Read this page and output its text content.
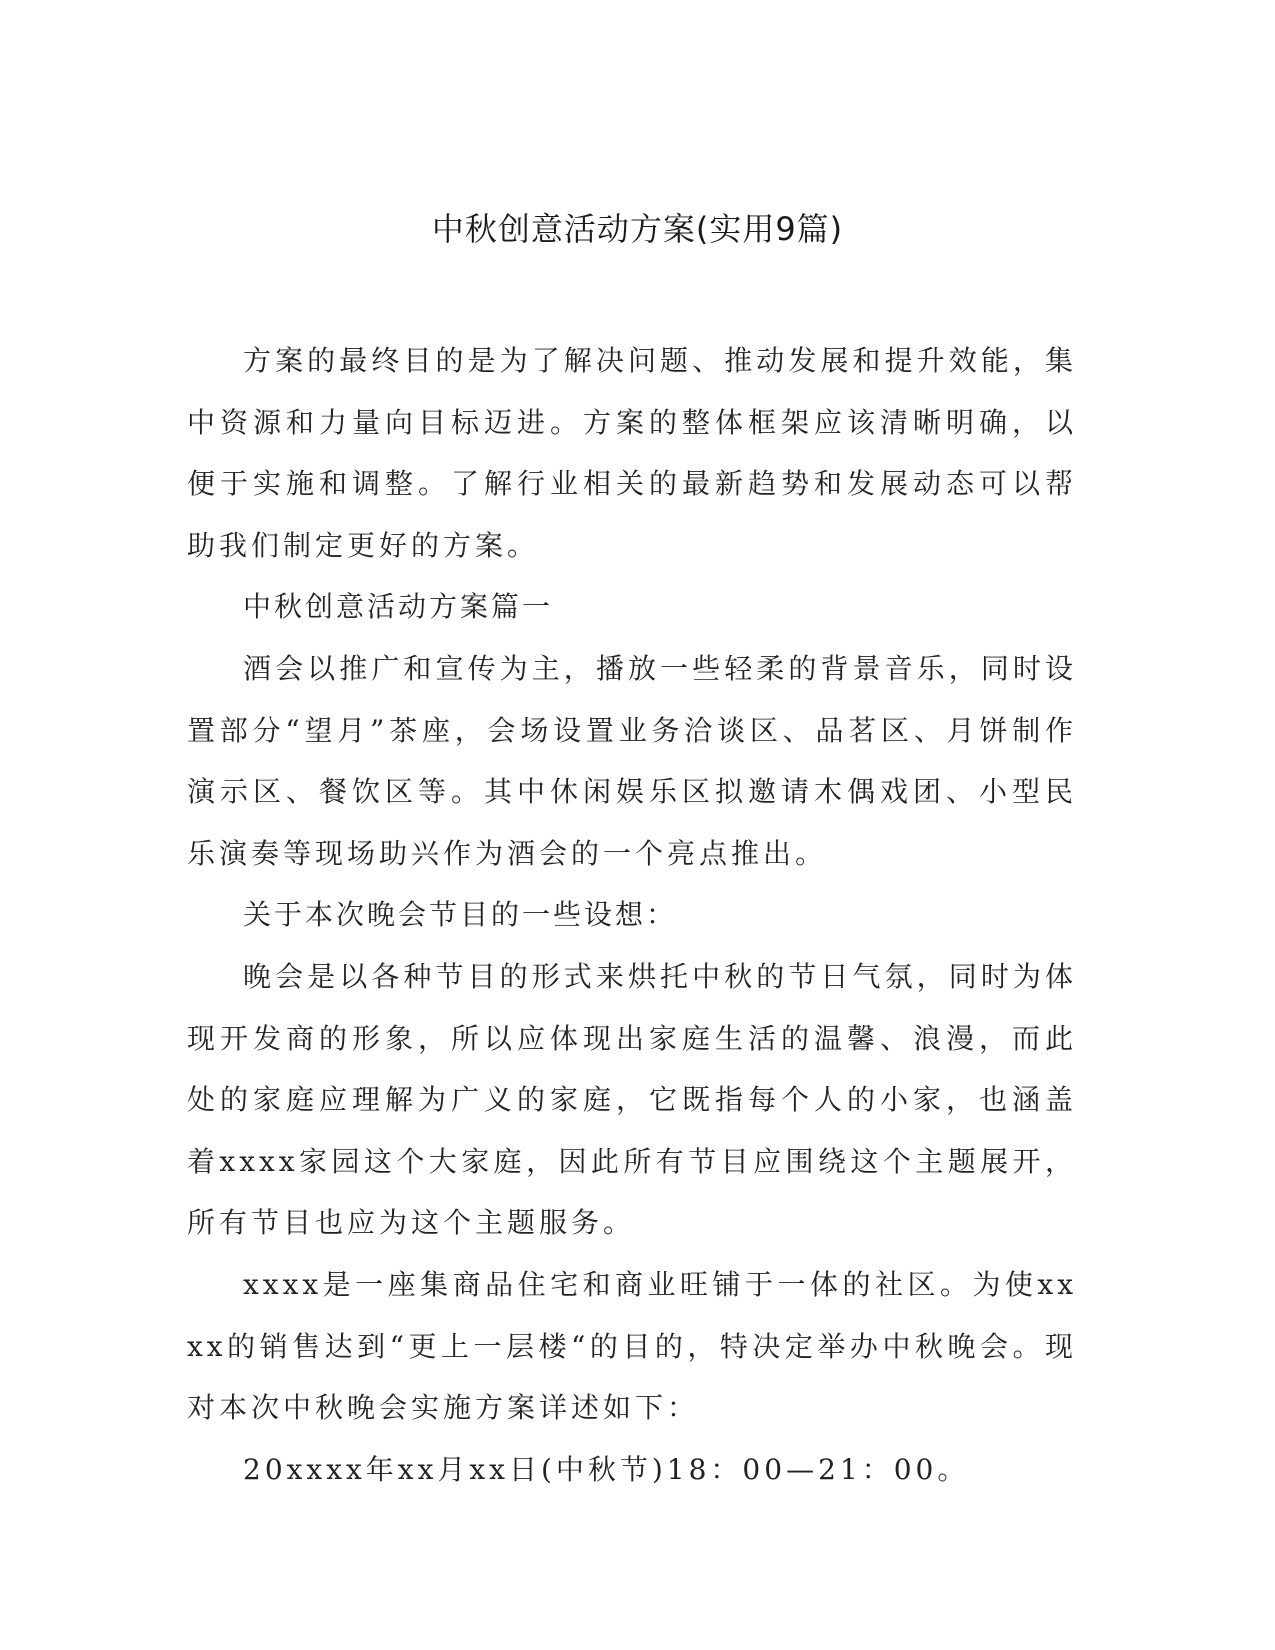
中秋创意活动方案(实用9篇)

方案的最终目的是为了解决问题、推动发展和提升效能，集中资源和力量向目标迈进。方案的整体框架应该清晰明确，以便于实施和调整。了解行业相关的最新趋势和发展动态可以帮助我们制定更好的方案。

中秋创意活动方案篇一

酒会以推广和宣传为主，播放一些轻柔的背景音乐，同时设置部分“望月”茶座，会场设置业务洽谈区、品茗区、月饼制作演示区、餐饮区等。其中休闲娱乐区拟邀请木偶戏团、小型民乐演奏等现场助兴作为酒会的一个亮点推出。

关于本次晚会节目的一些设想：

晚会是以各种节目的形式来烘托中秋的节日气氛，同时为体现开发商的形象，所以应体现出家庭生活的温馨、浪漫，而此处的家庭应理解为广义的家庭，它既指每个人的小家，也涵盖着xxxx家园这个大家庭，因此所有节目应围绕这个主题展开，所有节目也应为这个主题服务。

xxxx是一座集商品住宅和商业旺铺于一体的社区。为使xxxx的销售达到“更上一层楼“的目的，特决定举办中秋晚会。现对本次中秋晚会实施方案详述如下：

20xxxx年xx月xx日(中秋节)18：00—21：00。
